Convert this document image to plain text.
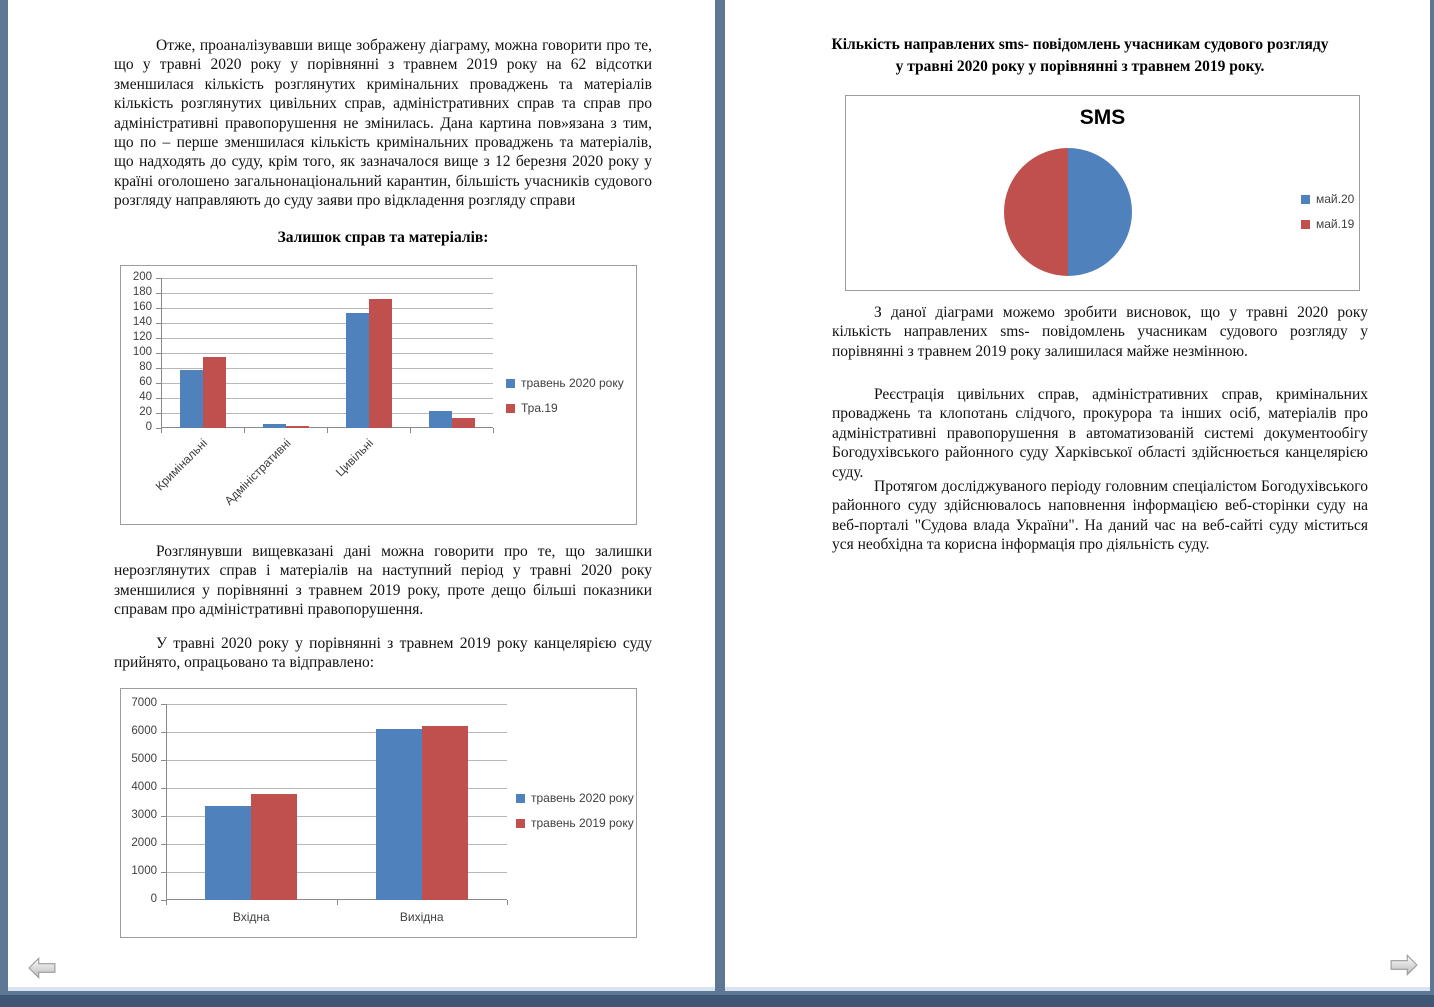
Отже, проаналізувавши вище зображену діаграму, можна говорити про те, що у травні 2020 року у порівнянні з травнем 2019 року на 62 відсотки зменшилася кількість розглянутих кримінальних проваджень та матеріалів кількість розглянутих цивільних справ, адміністративних справ та справ про адміністративні правопорушення не змінилась. Дана картина пов»язана з тим, що по – перше зменшилася кількість кримінальних проваджень та матеріалів, що надходять до суду, крім того, як зазначалося вище з 12 березня 2020 року у країні оголошено загальнонаціональний карантин, більшість учасників судового розгляду направляють до суду заяви про відкладення розгляду справи
Залишок справ та матеріалів:
200
180
160
140
120
100
80
60
40
20
0
Кримінальні Адміністративні	Цивільні
травень 2020 року
Тра.19
Розглянувши вищевказані дані можна говорити про те, що залишки нерозглянутих справ і матеріалів на наступний період у травні 2020 року зменшилися у порівнянні з травнем 2019 року, проте дещо більші показники справам про адміністративні правопорушення.
У травні 2020 року у порівнянні з травнем 2019 року канцелярією суду прийнято, опрацьовано та відправлено:
7000
6000
5000
4000
3000
2000
1000
0
Вхідна	Вихідна
травень 2020 року
травень 2019 року
Кількість направлених sms- повідомлень учасникам судового розгляду
у травні 2020 року у порівнянні з травнем 2019 року.
SMS
май.20
май.19
З даної діаграми можемо зробити висновок, що у травні 2020 року кількість направлених sms- повідомлень учасникам судового розгляду у порівнянні з травнем 2019 року залишилася майже незмінною.
Реєстрація цивільних справ, адміністративних справ, кримінальних проваджень та клопотань слідчого, прокурора та інших осіб, матеріалів про адміністративні правопорушення в автоматизованій системі документообігу Богодухівського районного суду Харківської області здійснюється канцелярією суду.
Протягом досліджуваного періоду головним спеціалістом Богодухівського районного суду здійснювалось наповнення інформацією веб-сторінки суду на веб-порталі "Судова влада України". На даний час на веб-сайті суду міститься уся необхідна та корисна інформація про діяльність суду.
